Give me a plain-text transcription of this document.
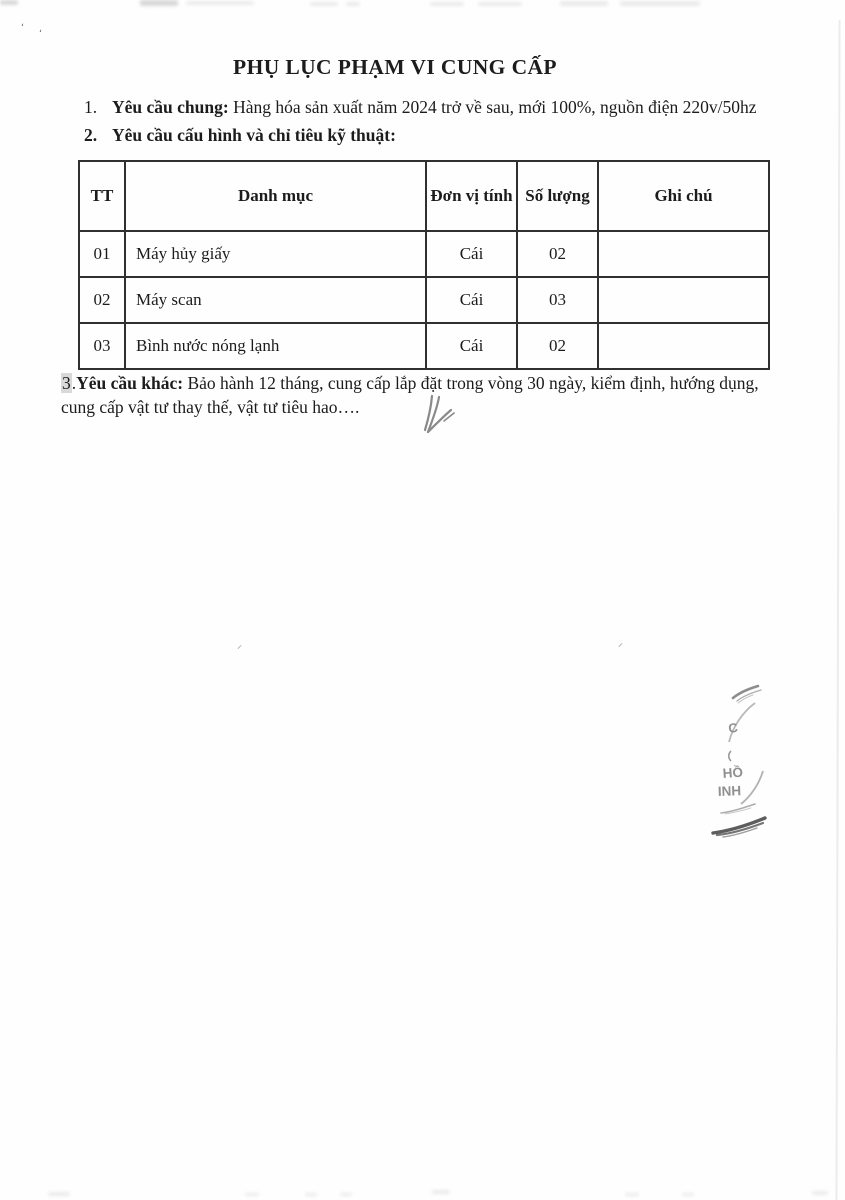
ʻ
ʻ
⸝	⸝
PHỤ LỤC PHẠM VI CUNG CẤP
1. Yêu cầu chung: Hàng hóa sản xuất năm 2024 trở về sau, mới 100%, nguồn điện 220v/50hz
2. Yêu cầu cấu hình và chỉ tiêu kỹ thuật:
TT	Danh mục	Đơn vị tính	Số lượng	Ghi chú
01	Máy hủy giấy	Cái	02	
02	Máy scan	Cái	03	
03	Bình nước nóng lạnh	Cái	02	
3.Yêu cầu khác: Bảo hành 12 tháng, cung cấp lắp đặt trong vòng 30 ngày, kiểm định, hướng dụng, cung cấp vật tư thay thế, vật tư tiêu hao….
C
HỒ
INH
